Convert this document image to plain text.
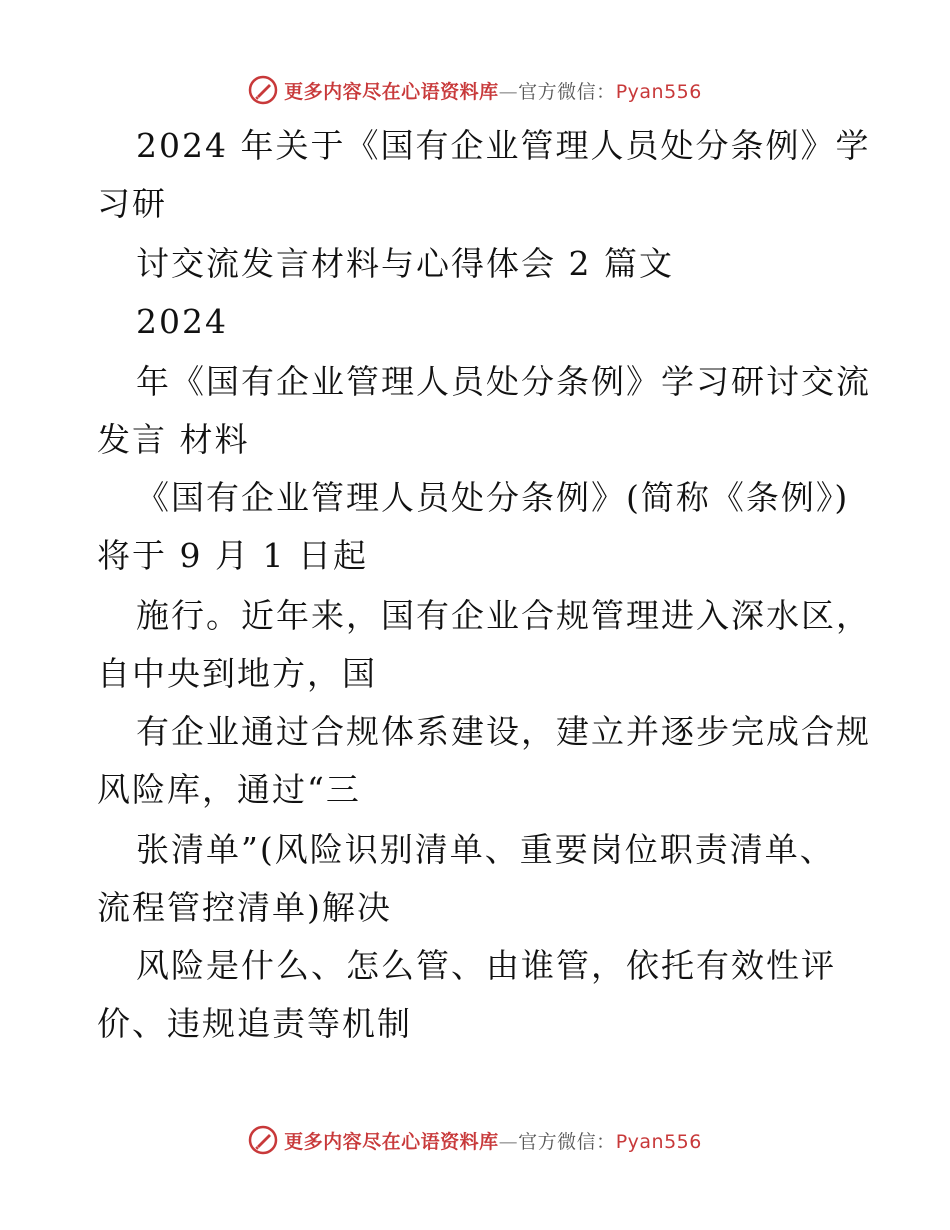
更多内容尽在心语资料库—官方微信：Pyan556
2024 年关于《国有企业管理人员处分条例》学
习研
讨交流发言材料与心得体会 2 篇文
2024
年《国有企业管理人员处分条例》学习研讨交流
发言 材料
《国有企业管理人员处分条例》(简称《条例》)
将于 9 月 1 日起
施行。近年来，国有企业合规管理进入深水区，
自中央到地方，国
有企业通过合规体系建设，建立并逐步完成合规
风险库，通过“三
张清单”(风险识别清单、重要岗位职责清单、
流程管控清单)解决
风险是什么、怎么管、由谁管，依托有效性评
价、违规追责等机制
更多内容尽在心语资料库—官方微信：Pyan556
